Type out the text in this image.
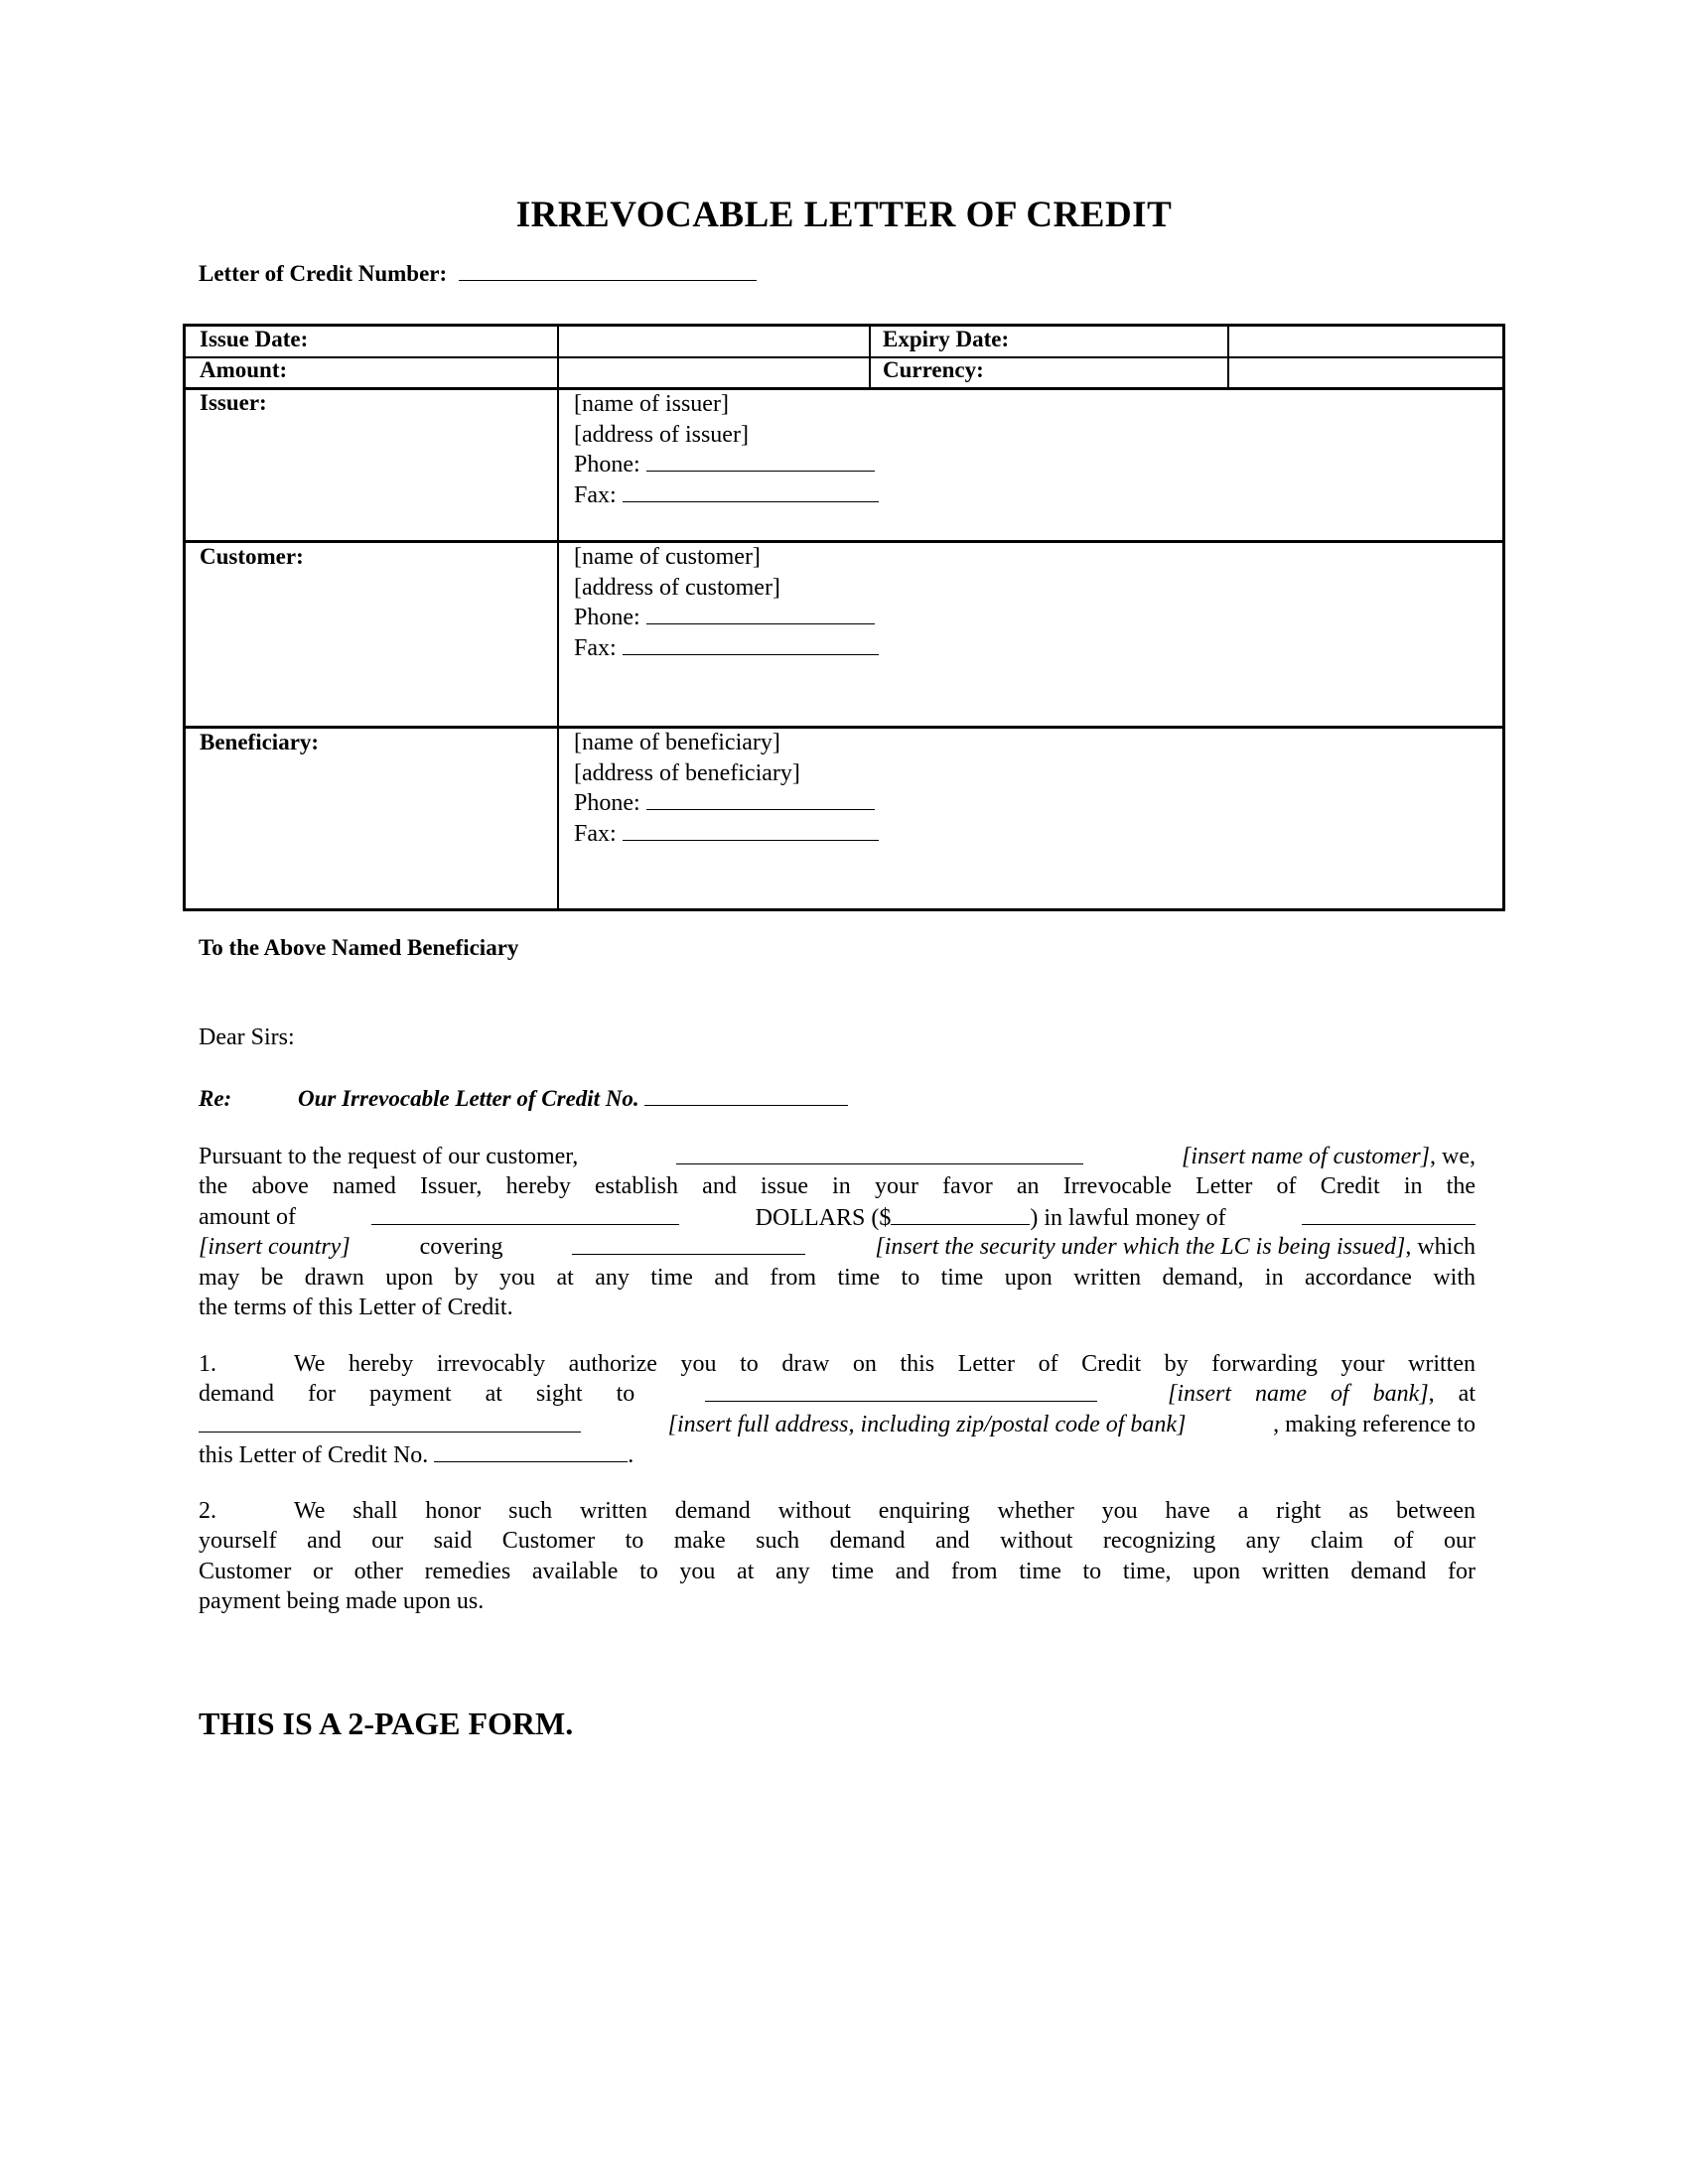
IRREVOCABLE LETTER OF CREDIT
Letter of Credit Number:
Issue Date:	Expiry Date:
Amount:	Currency:
Issuer:	[name of issuer]
[address of issuer]
Phone:
Fax:
Customer:	[name of customer]
[address of customer]
Phone:
Fax:
Beneficiary:	[name of beneficiary]
[address of beneficiary]
Phone:
Fax:
To the Above Named Beneficiary
Dear Sirs:
Re:	Our Irrevocable Letter of Credit No.
Pursuant to the request of our customer,	[insert name of customer], we,
the above named Issuer, hereby establish and issue in your favor an Irrevocable Letter of Credit in the
amount of	DOLLARS ($	) in lawful money of
[insert country]	covering	[insert the security under which the LC is being issued], which
may be drawn upon by you at any time and from time to time upon written demand, in accordance with
the terms of this Letter of Credit.
1.	We hereby irrevocably authorize you to draw on this Letter of Credit by forwarding your written
demand for payment at sight to	[insert name of bank], at
[insert full address, including zip/postal code of bank]	, making reference to
this Letter of Credit No.	.
2.	We shall honor such written demand without enquiring whether you have a right as between
yourself and our said Customer to make such demand and without recognizing any claim of our
Customer or other remedies available to you at any time and from time to time, upon written demand for
payment being made upon us.
THIS IS A 2-PAGE FORM.
